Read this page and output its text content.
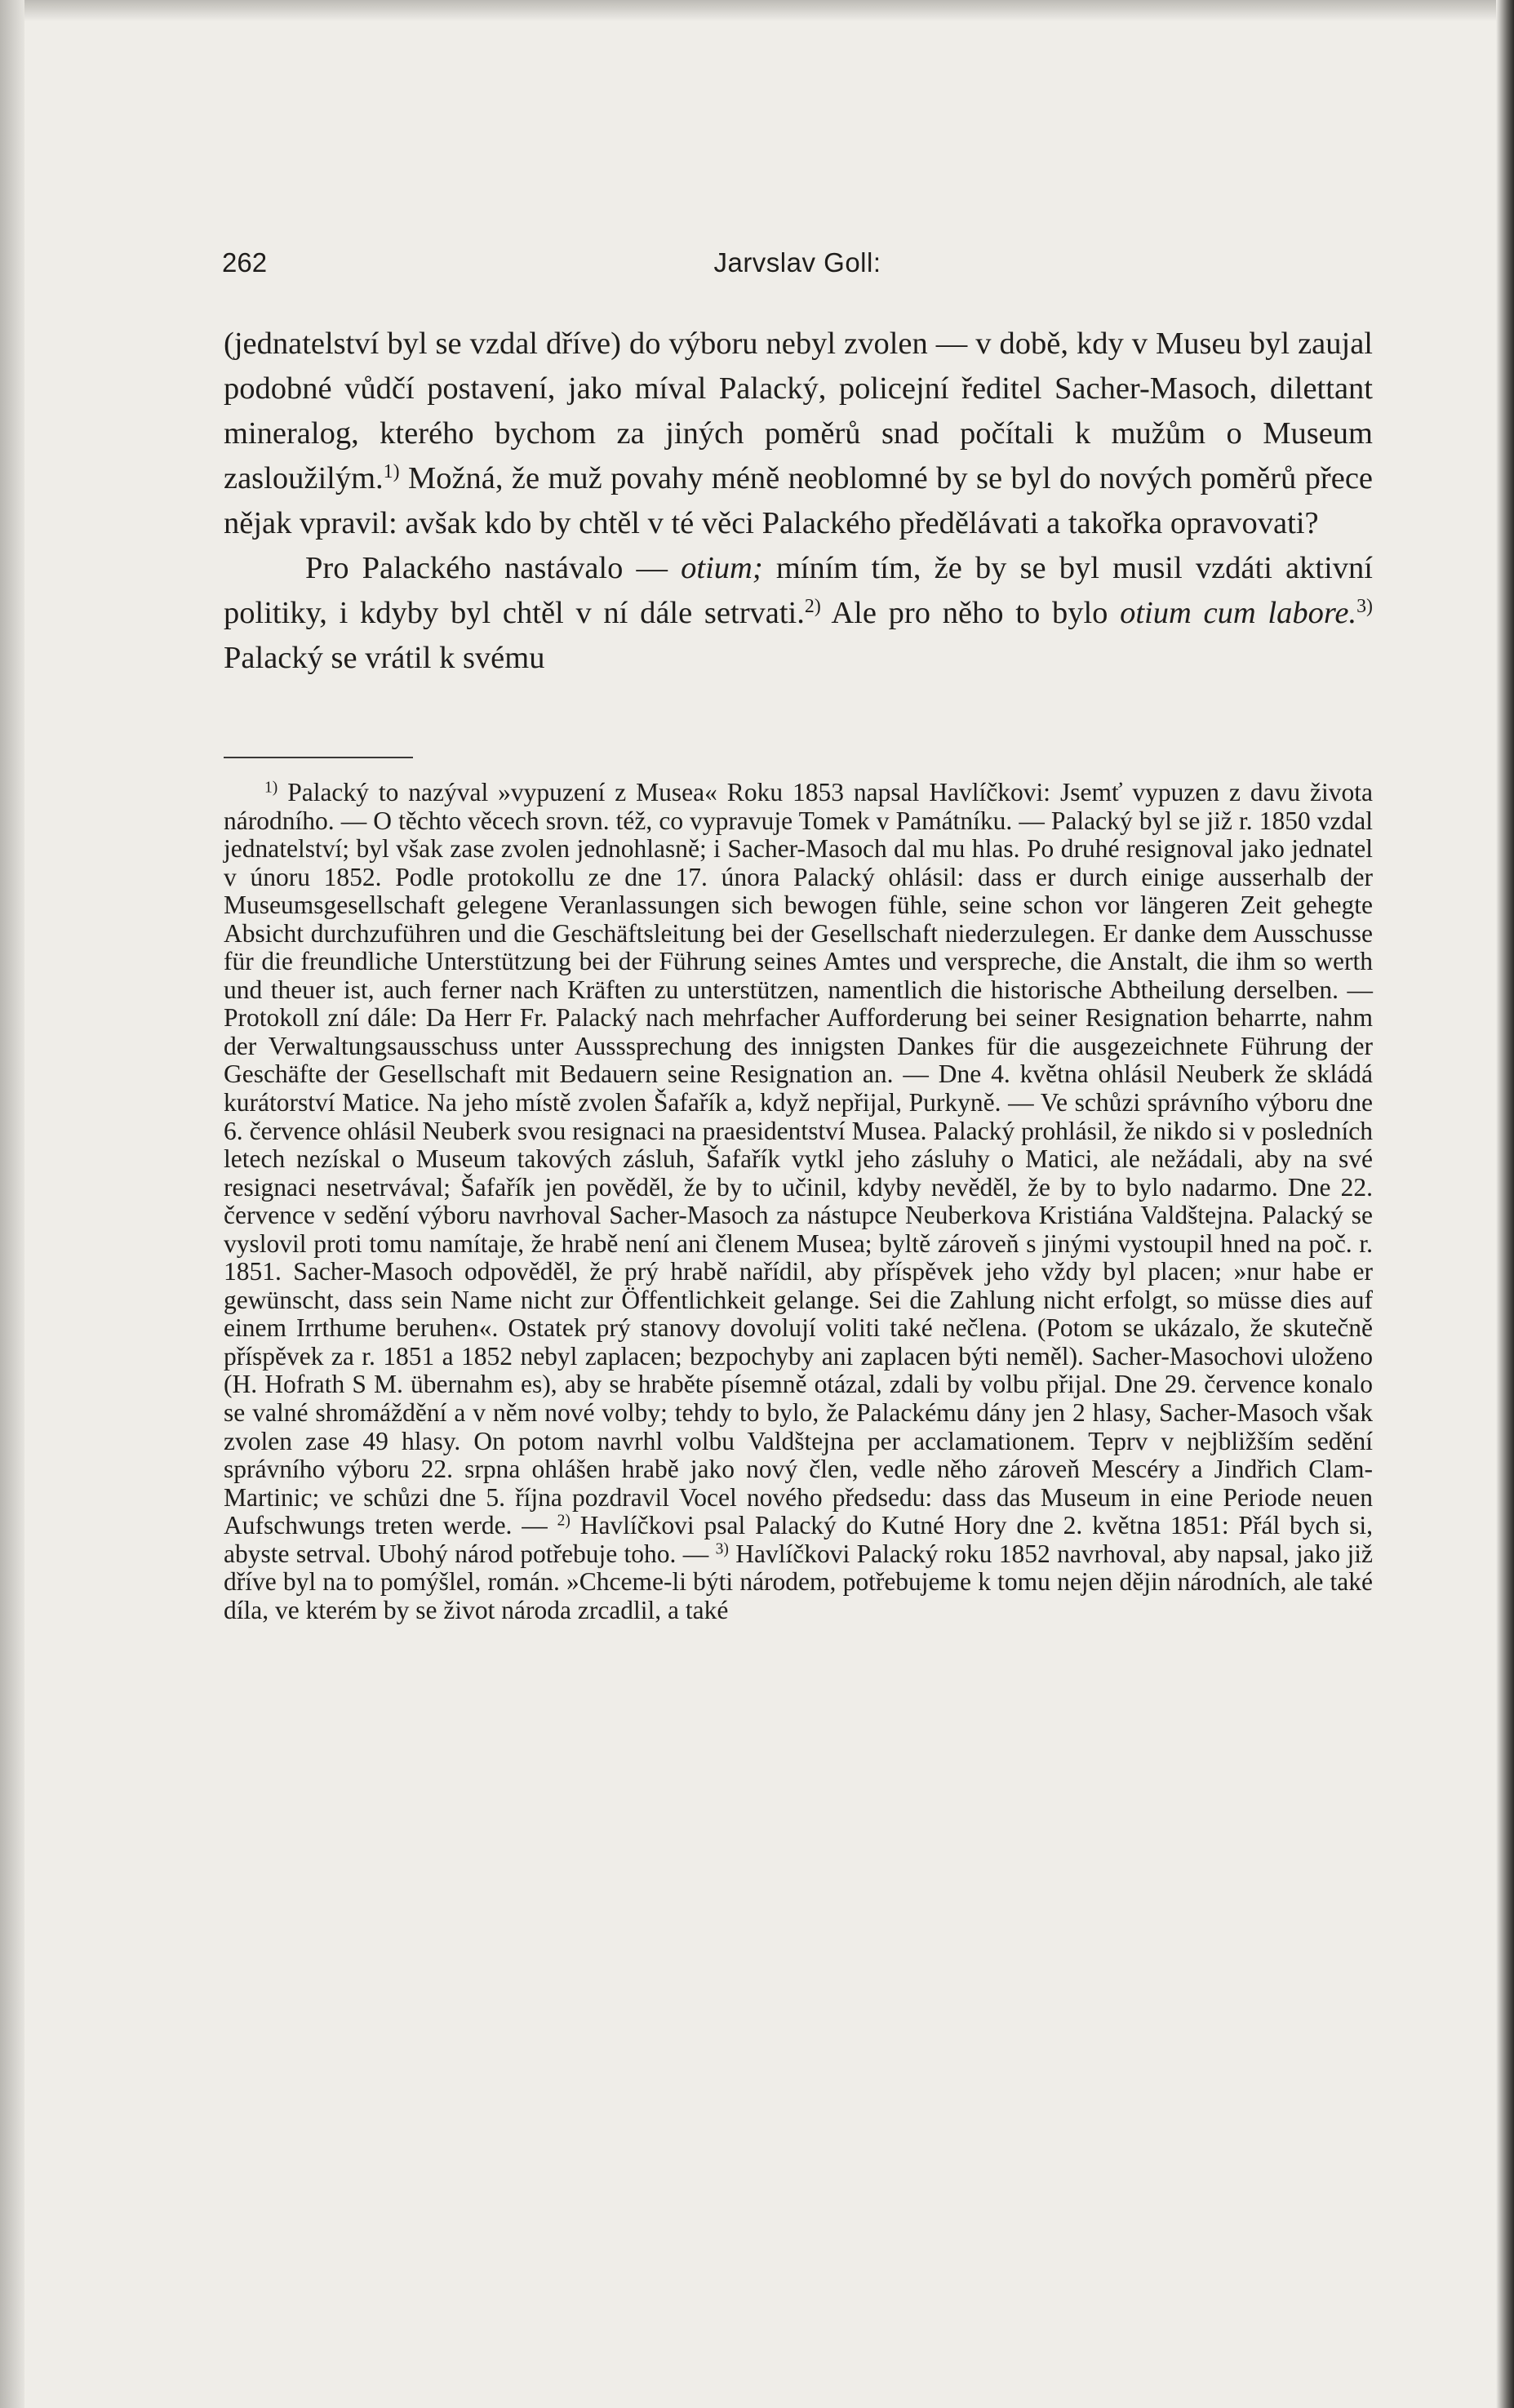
Jarvslav Goll:
262

(jednatelství byl se vzdal dříve) do výboru nebyl zvolen — v době, kdy v Museu byl zaujal podobné vůdčí postavení, jako míval Palacký, policejní ředitel Sacher-Masoch, dilettant mineralog, kterého bychom za jiných poměrů snad počítali k mužům o Museum zasloužilým.$^{1)}$ Možná, že muž povahy méně neoblomné by se byl do nových poměrů přece nějak vpravil: avšak kdo by chtěl v té věci Palackého předělávati a takořka opravovati?

Pro Palackého nastávalo — otium; míním tím, že by se byl musil vzdáti aktivní politiky, i kdyby byl chtěl v ní dále setrvati.$^{2)}$ Ale pro něho to bylo otium cum labore.$^{3)}$ Palacký se vrátil k svému

$^{1)}$ Palacký to nazýval »vypuzení z Musea« Roku 1853 napsal Havlíčkovi: Jsemť vypuzen z davu života národního. — O těchto věcech srovn. též, co vypravuje Tomek v Památníku. — Palacký byl se již r. 1850 vzdal jednatelství; byl však zase zvolen jednohlasně; i Sacher-Masoch dal mu hlas. Po druhé resignoval jako jednatel v únoru 1852. Podle protokollu ze dne 17. února Palacký ohlásil: dass er durch einige ausserhalb der Museumsgesellschaft gelegene Veranlassungen sich bewogen fühle, seine schon vor längeren Zeit gehegte Absicht durchzuführen und die Geschäftsleitung bei der Gesellschaft niederzulegen. Er danke dem Ausschusse für die freundliche Unterstützung bei der Führung seines Amtes und verspreche, die Anstalt, die ihm so werth und theuer ist, auch ferner nach Kräften zu unterstützen, namentlich die historische Abtheilung derselben. — Protokoll zní dále: Da Herr Fr. Palacký nach mehrfacher Aufforderung bei seiner Resignation beharrte, nahm der Verwaltungsausschuss unter Ausssprechung des innigsten Dankes für die ausgezeichnete Führung der Geschäfte der Gesellschaft mit Bedauern seine Resignation an. — Dne 4. května ohlásil Neuberk že skládá kurátorství Matice. Na jeho místě zvolen Šafařík a, když nepřijal, Purkyně. — Ve schůzi správního výboru dne 6. července ohlásil Neuberk svou resignaci na praesidentství Musea. Palacký prohlásil, že nikdo si v posledních letech nezískal o Museum takových zásluh, Šafařík vytkl jeho zásluhy o Matici, ale nežádali, aby na své resignaci nesetrvával; Šafařík jen pověděl, že by to učinil, kdyby nevěděl, že by to bylo nadarmo. Dne 22. července v sedění výboru navrhoval Sacher-Masoch za nástupce Neuberkova Kristiána Valdštejna. Palacký se vyslovil proti tomu namítaje, že hrabě není ani členem Musea; byltě zároveň s jinými vystoupil hned na poč. r. 1851. Sacher-Masoch odpověděl, že prý hrabě nařídil, aby příspěvek jeho vždy byl placen; »nur habe er gewünscht, dass sein Name nicht zur Öffentlichkeit gelange. Sei die Zahlung nicht erfolgt, so müsse dies auf einem Irrthume beruhen«. Ostatek prý stanovy dovolují voliti také nečlena. (Potom se ukázalo, že skutečně příspěvek za r. 1851 a 1852 nebyl zaplacen; bezpochyby ani zaplacen býti neměl). Sacher-Masochovi uloženo (H. Hofrath S M. übernahm es), aby se hraběte písemně otázal, zdali by volbu přijal. Dne 29. července konalo se valné shromáždění a v něm nové volby; tehdy to bylo, že Palackému dány jen 2 hlasy, Sacher-Masoch však zvolen zase 49 hlasy. On potom navrhl volbu Valdštejna per acclamationem. Teprv v nejbližším sedění správního výboru 22. srpna ohlášen hrabě jako nový člen, vedle něho zároveň Mescéry a Jindřich Clam-Martinic; ve schůzi dne 5. října pozdravil Vocel nového předsedu: dass das Museum in eine Periode neuen Aufschwungs treten werde. — $^{2)}$ Havlíčkovi psal Palacký do Kutné Hory dne 2. května 1851: Přál bych si, abyste setrval. Ubohý národ potřebuje toho. — $^{3)}$ Havlíčkovi Palacký roku 1852 navrhoval, aby napsal, jako již dříve byl na to pomýšlel, román. »Chceme-li býti národem, potřebujeme k tomu nejen dějin národních, ale také díla, ve kterém by se život národa zrcadlil, a také
